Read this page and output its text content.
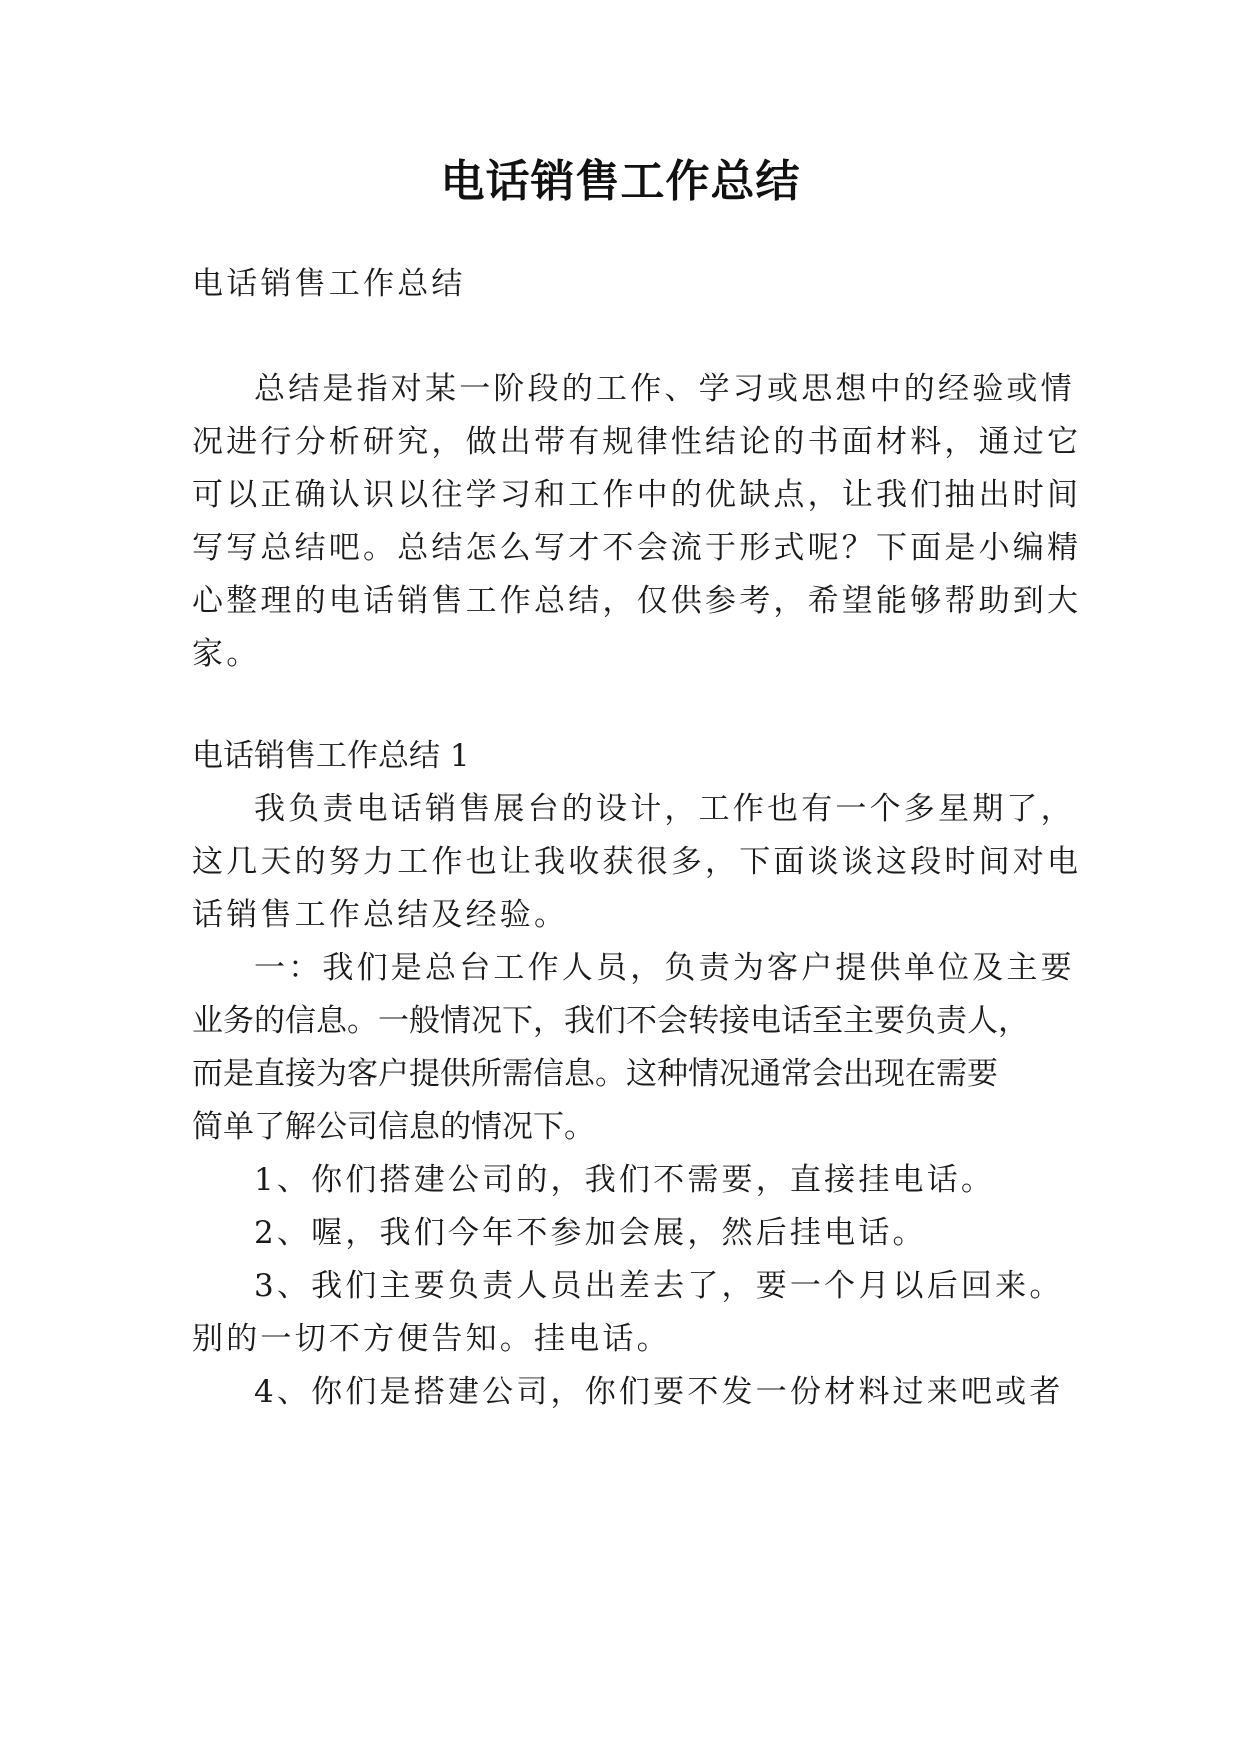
电话销售工作总结
电话销售工作总结
总结是指对某一阶段的工作、学习或思想中的经验或情
况进行分析研究，做出带有规律性结论的书面材料，通过它
可以正确认识以往学习和工作中的优缺点，让我们抽出时间
写写总结吧。总结怎么写才不会流于形式呢？下面是小编精
心整理的电话销售工作总结，仅供参考，希望能够帮助到大
家。
电话销售工作总结 1
我负责电话销售展台的设计，工作也有一个多星期了，
这几天的努力工作也让我收获很多，下面谈谈这段时间对电
话销售工作总结及经验。
一：我们是总台工作人员，负责为客户提供单位及主要
业务的信息。一般情况下，我们不会转接电话至主要负责人，
而是直接为客户提供所需信息。这种情况通常会出现在需要
简单了解公司信息的情况下。
1、你们搭建公司的，我们不需要，直接挂电话。
2、喔，我们今年不参加会展，然后挂电话。
3、我们主要负责人员出差去了，要一个月以后回来。
别的一切不方便告知。挂电话。
4、你们是搭建公司，你们要不发一份材料过来吧或者
